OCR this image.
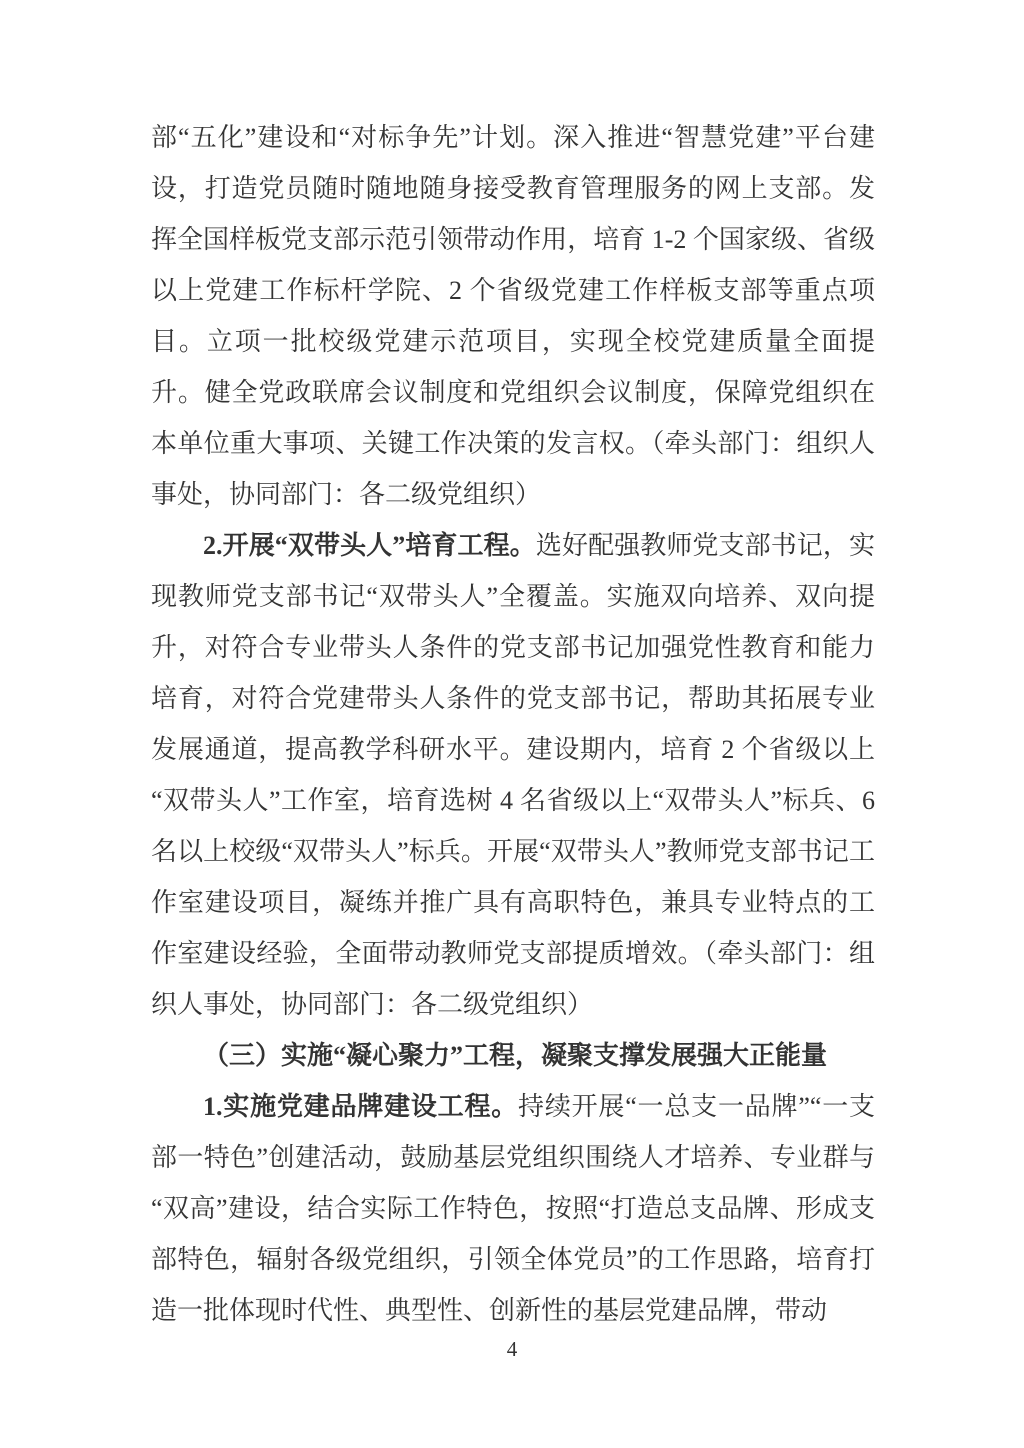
部“五化”建设和“对标争先”计划。深入推进“智慧党建”平台建设，打造党员随时随地随身接受教育管理服务的网上支部。发挥全国样板党支部示范引领带动作用，培育 1-2 个国家级、省级以上党建工作标杆学院、2 个省级党建工作样板支部等重点项目。立项一批校级党建示范项目，实现全校党建质量全面提升。健全党政联席会议制度和党组织会议制度，保障党组织在本单位重大事项、关键工作决策的发言权。（牵头部门：组织人事处，协同部门：各二级党组织）

2.开展“双带头人”培育工程。选好配强教师党支部书记，实现教师党支部书记“双带头人”全覆盖。实施双向培养、双向提升，对符合专业带头人条件的党支部书记加强党性教育和能力培育，对符合党建带头人条件的党支部书记，帮助其拓展专业发展通道，提高教学科研水平。建设期内，培育 2 个省级以上“双带头人”工作室，培育选树 4 名省级以上“双带头人”标兵、6 名以上校级“双带头人”标兵。开展“双带头人”教师党支部书记工作室建设项目，凝练并推广具有高职特色，兼具专业特点的工作室建设经验，全面带动教师党支部提质增效。（牵头部门：组织人事处，协同部门：各二级党组织）

（三）实施“凝心聚力”工程，凝聚支撑发展强大正能量

1.实施党建品牌建设工程。持续开展“一总支一品牌”“一支部一特色”创建活动，鼓励基层党组织围绕人才培养、专业群与“双高”建设，结合实际工作特色，按照“打造总支品牌、形成支部特色，辐射各级党组织，引领全体党员”的工作思路，培育打造一批体现时代性、典型性、创新性的基层党建品牌，带动

4
